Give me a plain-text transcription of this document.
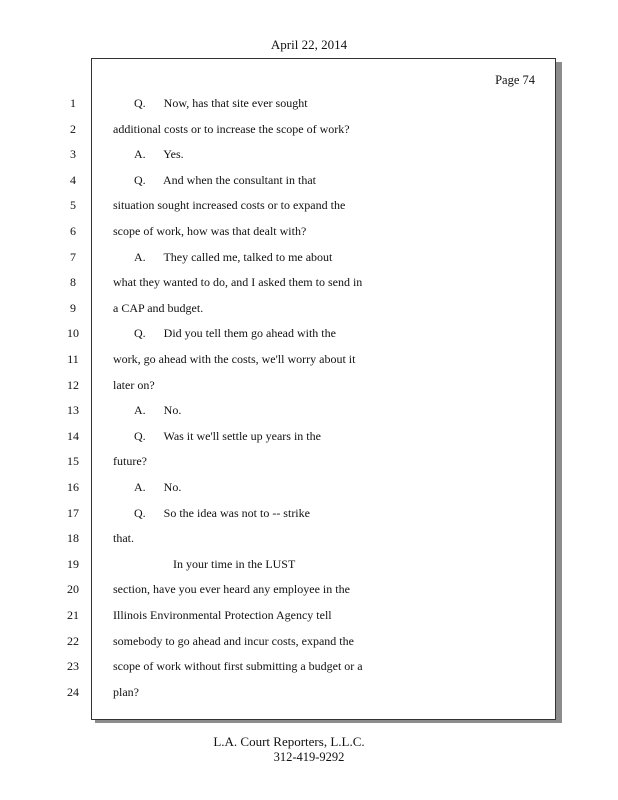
April 22, 2014
Page 74
1	Q.      Now, has that site ever sought
2	additional costs or to increase the scope of work?
3	A.      Yes.
4	Q.      And when the consultant in that
5	situation sought increased costs or to expand the
6	scope of work, how was that dealt with?
7	A.      They called me, talked to me about
8	what they wanted to do, and I asked them to send in
9	a CAP and budget.
10	Q.      Did you tell them go ahead with the
11	work, go ahead with the costs, we'll worry about it
12	later on?
13	A.      No.
14	Q.      Was it we'll settle up years in the
15	future?
16	A.      No.
17	Q.      So the idea was not to -- strike
18	that.
19	In your time in the LUST
20	section, have you ever heard any employee in the
21	Illinois Environmental Protection Agency tell
22	somebody to go ahead and incur costs, expand the
23	scope of work without first submitting a budget or a
24	plan?
L.A. Court Reporters, L.L.C.
312-419-9292
